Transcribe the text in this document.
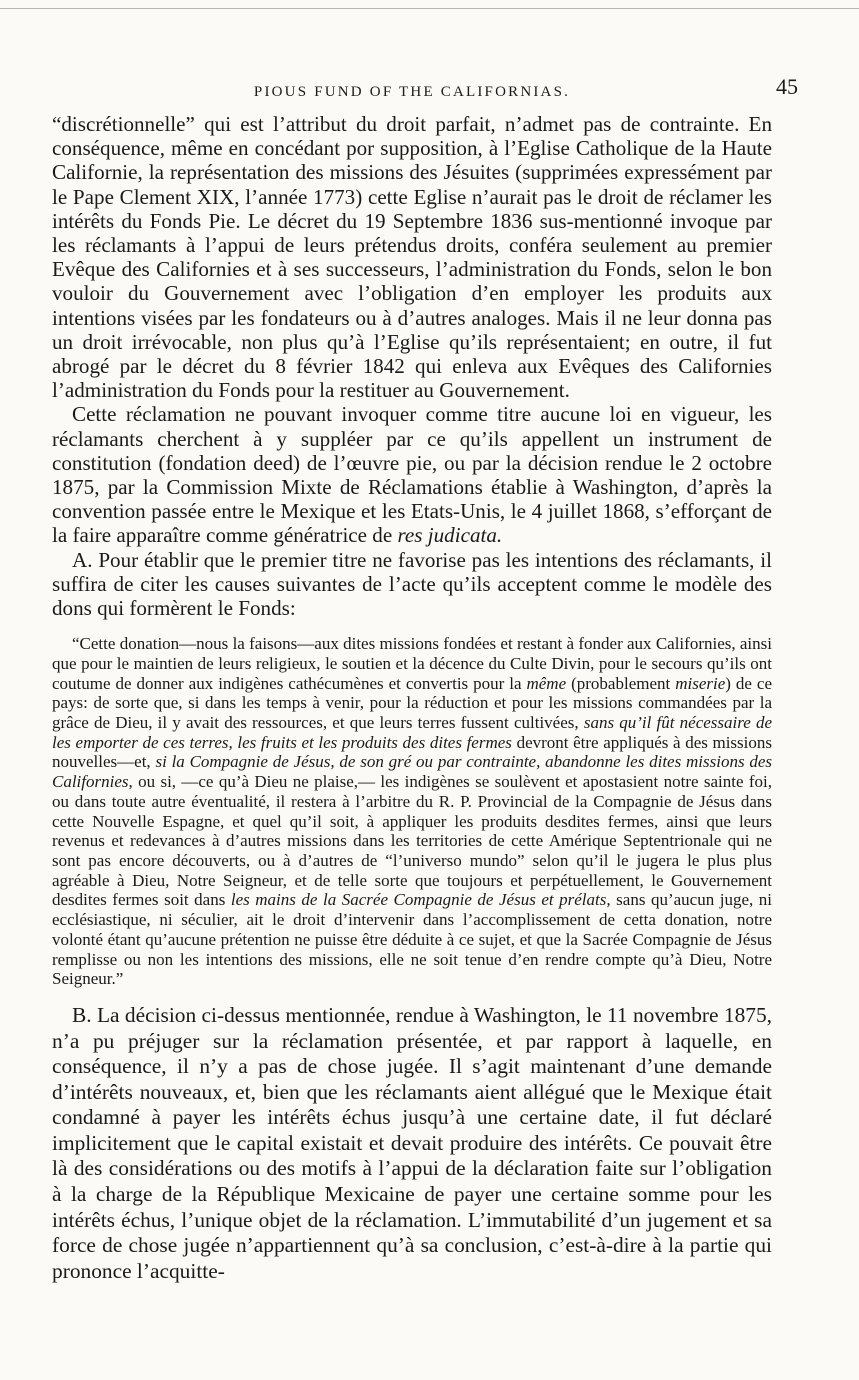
PIOUS FUND OF THE CALIFORNIAS.	45

“discrétionnelle” qui est l’attribut du droit parfait, n’admet pas de contrainte. En conséquence, même en concédant por supposition, à l’Eglise Catholique de la Haute Californie, la représentation des missions des Jésuites (supprimées expressément par le Pape Clement XIX, l’année 1773) cette Eglise n’aurait pas le droit de réclamer les intérêts du Fonds Pie. Le décret du 19 Septembre 1836 sus-mentionné invoque par les réclamants à l’appui de leurs prétendus droits, conféra seulement au premier Evêque des Californies et à ses successeurs, l’administration du Fonds, selon le bon vouloir du Gouvernement avec l’obligation d’en employer les produits aux intentions visées par les fondateurs ou à d’autres analoges. Mais il ne leur donna pas un droit irrévocable, non plus qu’à l’Eglise qu’ils représentaient; en outre, il fut abrogé par le décret du 8 février 1842 qui enleva aux Evêques des Californies l’administration du Fonds pour la restituer au Gouvernement.

Cette réclamation ne pouvant invoquer comme titre aucune loi en vigueur, les réclamants cherchent à y suppléer par ce qu’ils appellent un instrument de constitution (fondation deed) de l’œuvre pie, ou par la décision rendue le 2 octobre 1875, par la Commission Mixte de Réclamations établie à Washington, d’après la convention passée entre le Mexique et les Etats-Unis, le 4 juillet 1868, s’efforçant de la faire apparaître comme génératrice de res judicata.

A. Pour établir que le premier titre ne favorise pas les intentions des réclamants, il suffira de citer les causes suivantes de l’acte qu’ils acceptent comme le modèle des dons qui formèrent le Fonds:

“Cette donation—nous la faisons—aux dites missions fondées et restant à fonder aux Californies, ainsi que pour le maintien de leurs religieux, le soutien et la décence du Culte Divin, pour le secours qu’ils ont coutume de donner aux indigènes cathécumènes et convertis pour la même (probablement miserie) de ce pays: de sorte que, si dans les temps à venir, pour la réduction et pour les missions commandées par la grâce de Dieu, il y avait des ressources, et que leurs terres fussent cultivées, sans qu’il fût nécessaire de les emporter de ces terres, les fruits et les produits des dites fermes devront être appliqués à des missions nouvelles—et, si la Compagnie de Jésus, de son gré ou par contrainte, abandonne les dites missions des Californies, ou si, —ce qu’à Dieu ne plaise,— les indigènes se soulèvent et apostasient notre sainte foi, ou dans toute autre éventualité, il restera à l’arbitre du R. P. Provincial de la Compagnie de Jésus dans cette Nouvelle Espagne, et quel qu’il soit, à appliquer les produits desdites fermes, ainsi que leurs revenus et redevances à d’autres missions dans les territories de cette Amérique Septentrionale qui ne sont pas encore découverts, ou à d’autres de “l’universo mundo” selon qu’il le jugera le plus plus agréable à Dieu, Notre Seigneur, et de telle sorte que toujours et perpétuellement, le Gouvernement desdites fermes soit dans les mains de la Sacrée Compagnie de Jésus et prélats, sans qu’aucun juge, ni ecclésiastique, ni séculier, ait le droit d’intervenir dans l’accomplissement de cetta donation, notre volonté étant qu’aucune prétention ne puisse être déduite à ce sujet, et que la Sacrée Compagnie de Jésus remplisse ou non les intentions des missions, elle ne soit tenue d’en rendre compte qu’à Dieu, Notre Seigneur.”

B. La décision ci-dessus mentionnée, rendue à Washington, le 11 novembre 1875, n’a pu préjuger sur la réclamation présentée, et par rapport à laquelle, en conséquence, il n’y a pas de chose jugée. Il s’agit maintenant d’une demande d’intérêts nouveaux, et, bien que les réclamants aient allégué que le Mexique était condamné à payer les intérêts échus jusqu’à une certaine date, il fut déclaré implicitement que le capital existait et devait produire des intérêts. Ce pouvait être là des considérations ou des motifs à l’appui de la déclaration faite sur l’obligation à la charge de la République Mexicaine de payer une certaine somme pour les intérêts échus, l’unique objet de la réclamation. L’immutabilité d’un jugement et sa force de chose jugée n’appartiennent qu’à sa conclusion, c’est-à-dire à la partie qui prononce l’acquitte-
